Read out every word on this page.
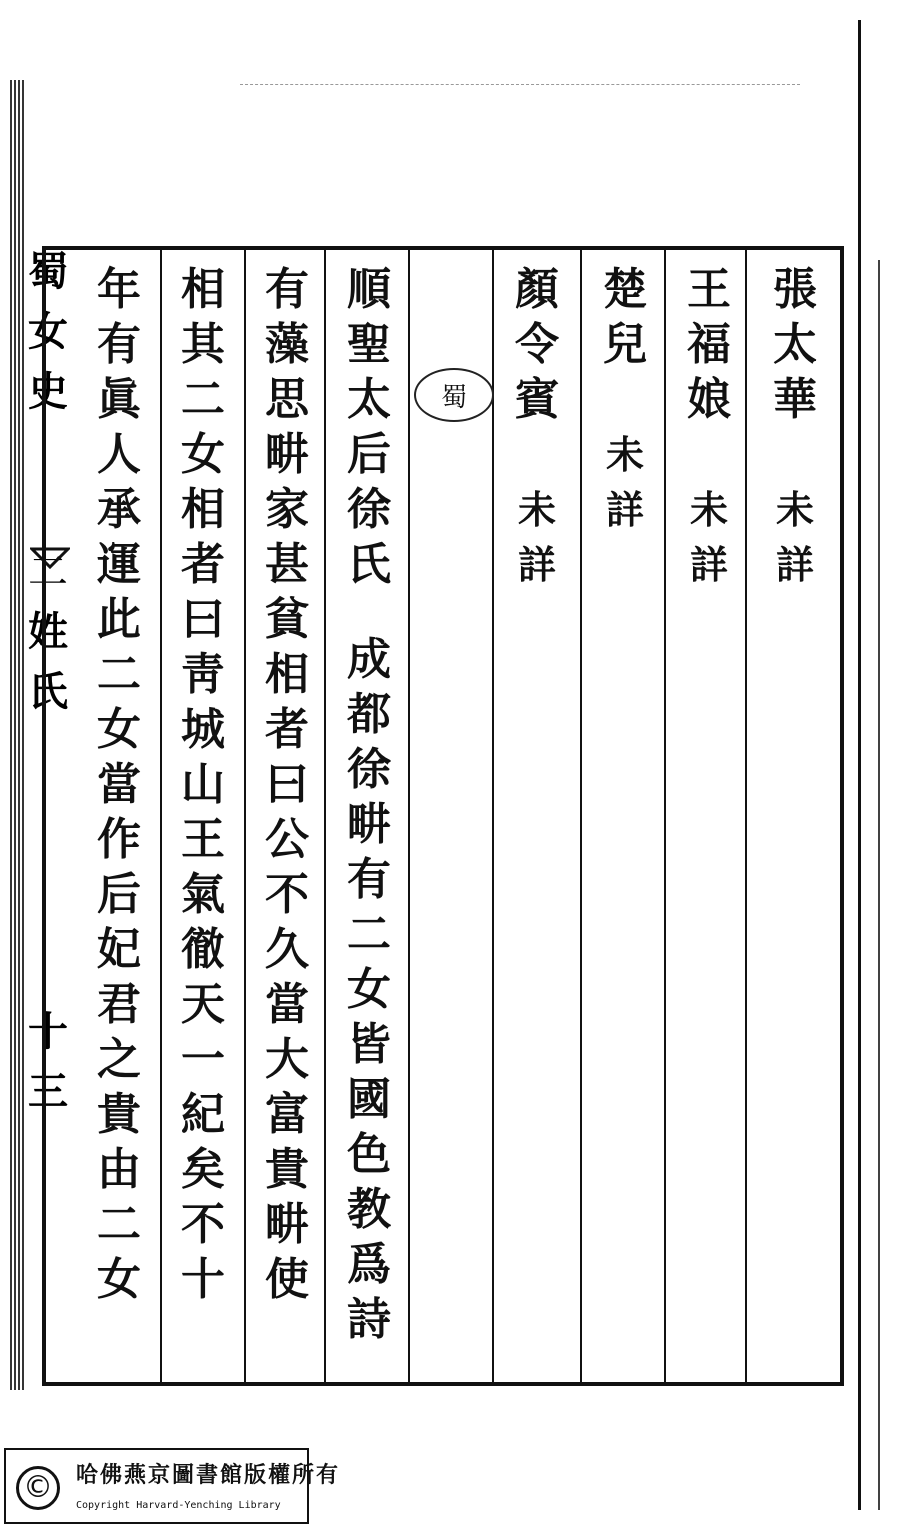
蜀
女
史
二
姓
氏
十
三
張
太
華
未
詳
王
福
娘
未
詳
楚
兒
未
詳
顏
令
賓
未
詳
蜀
順
聖
太
后
徐
氏
成
都
徐
畊
有
二
女
皆
國
色
教
爲
詩
有
藻
思
畊
家
甚
貧
相
者
曰
公
不
久
當
大
富
貴
畊
使
相
其
二
女
相
者
曰
靑
城
山
王
氣
徹
天
一
紀
矣
不
十
年
有
眞
人
承
運
此
二
女
當
作
后
妃
君
之
貴
由
二
女
©	哈佛燕京圖書館版權所有
Copyright Harvard-Yenching Library
